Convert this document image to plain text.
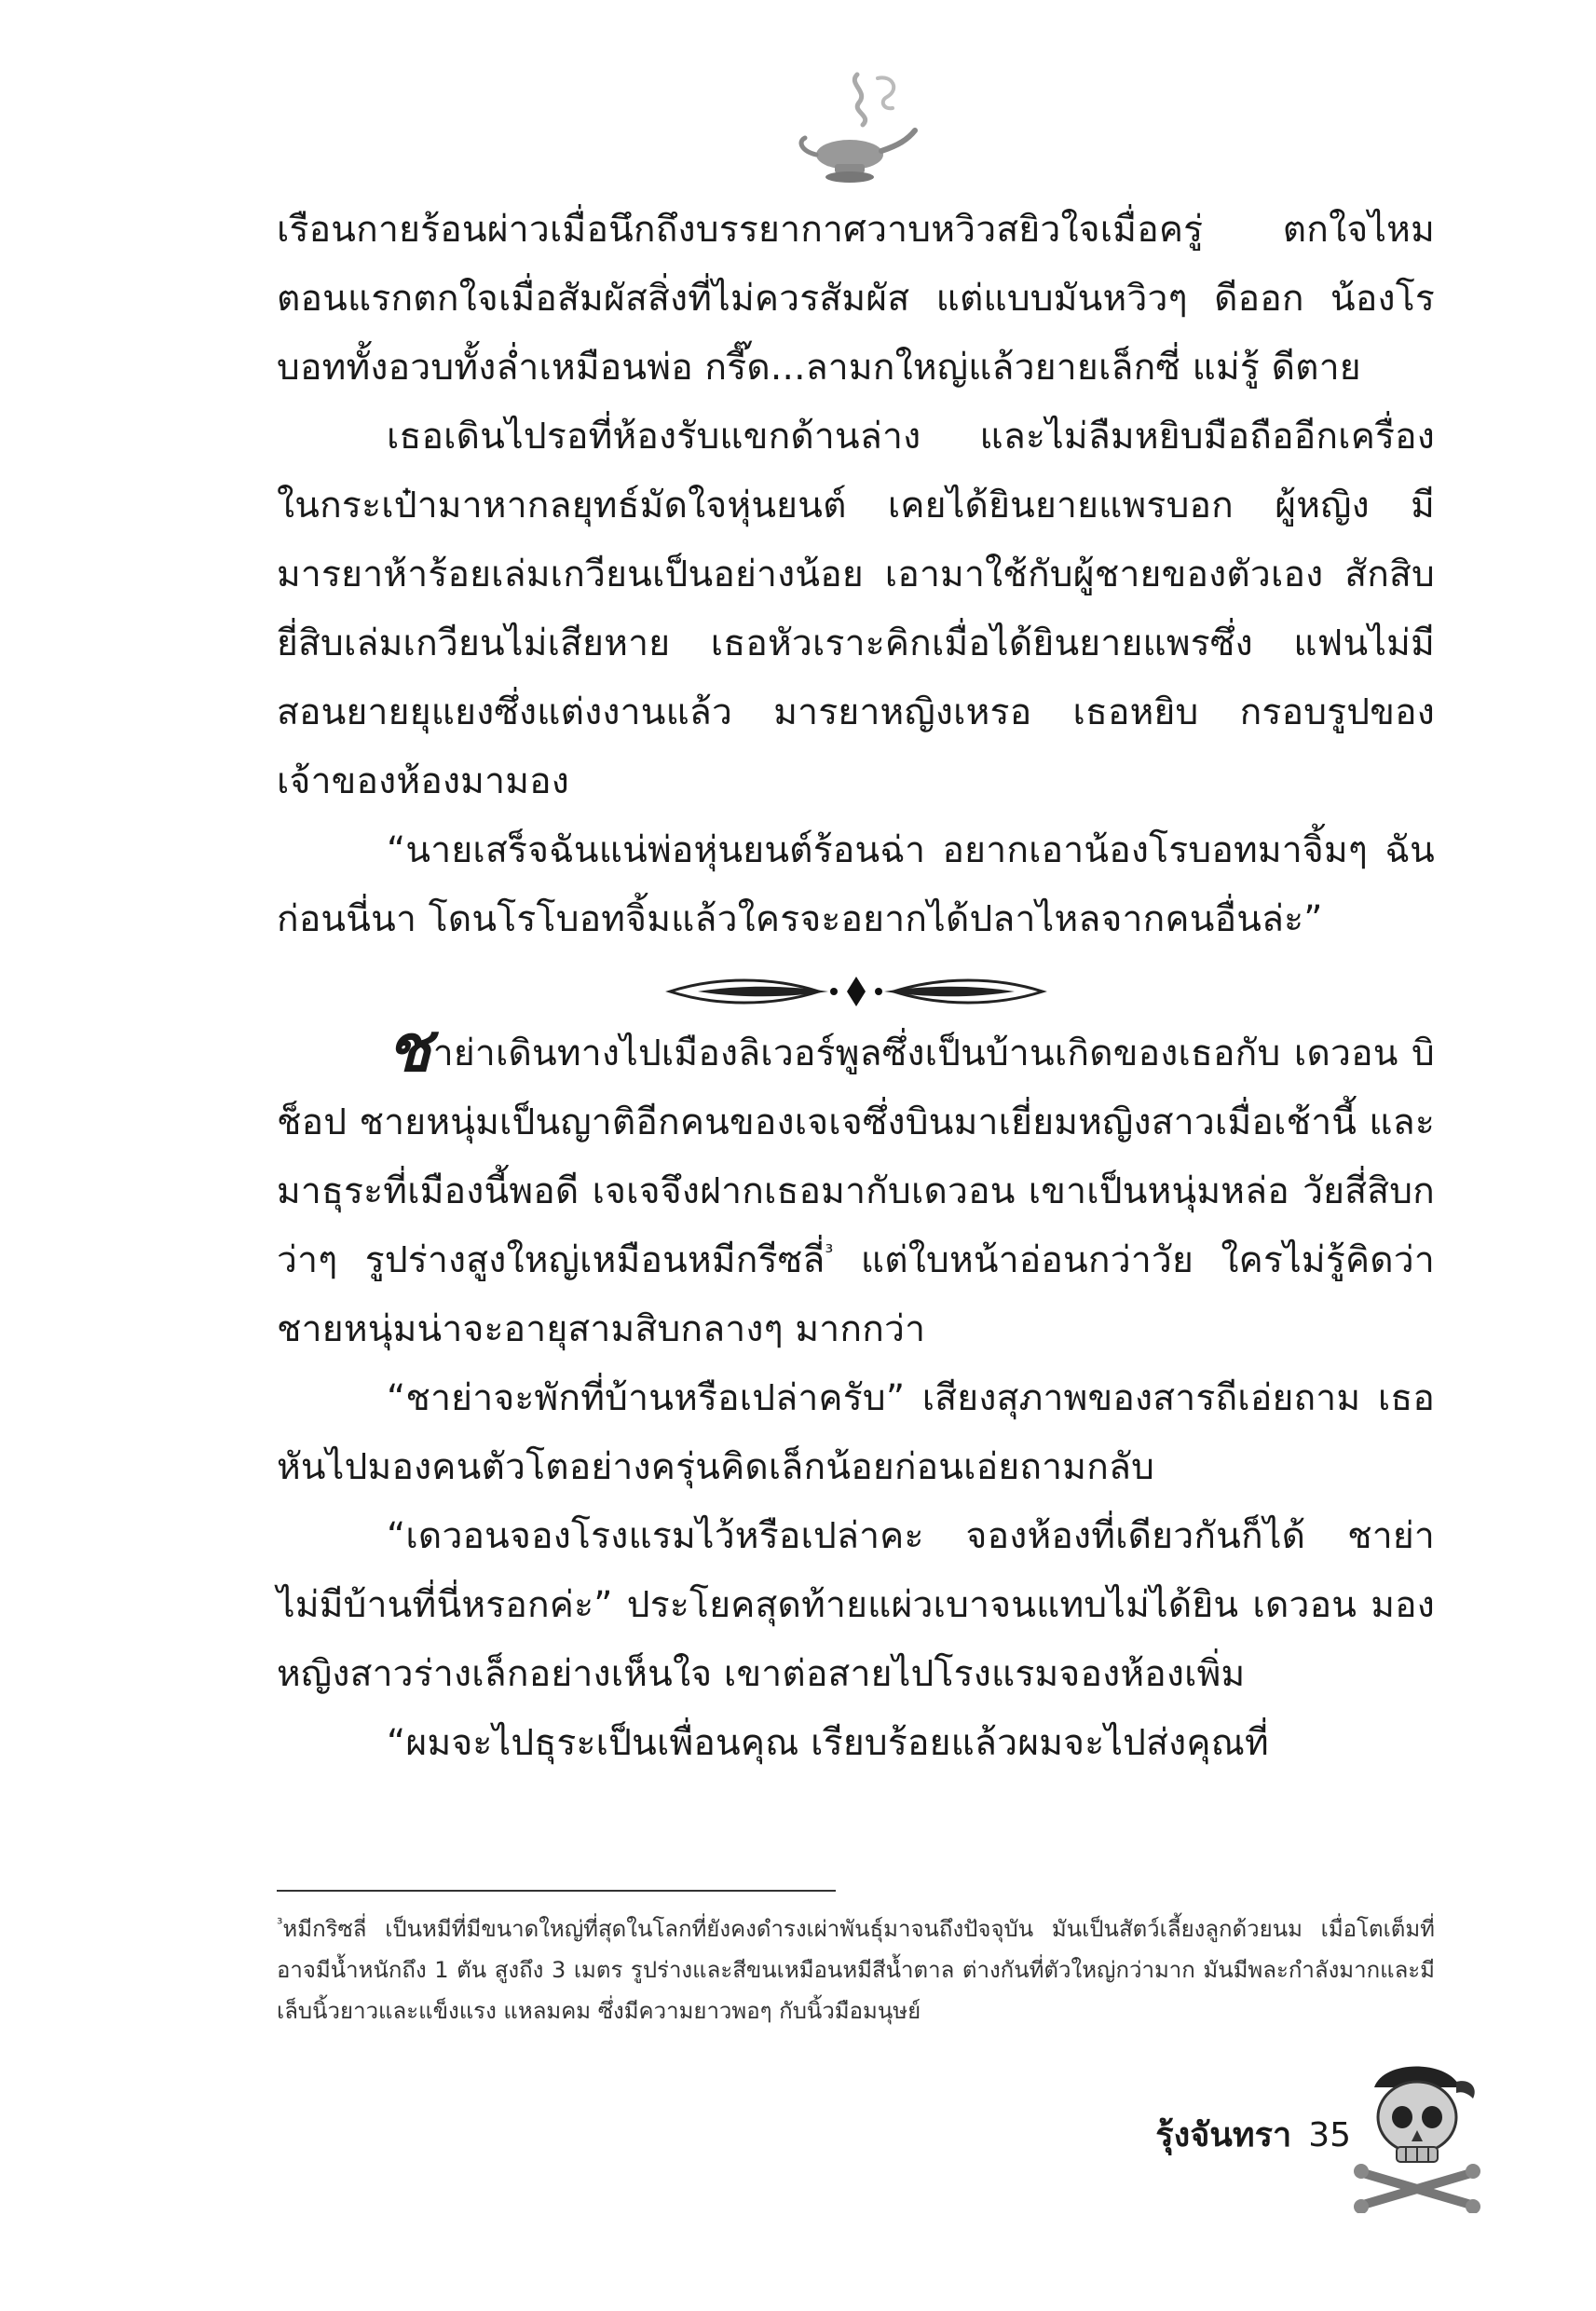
เรือนกายร้อนผ่าวเมื่อนึกถึงบรรยากาศวาบหวิวสยิวใจเมื่อครู่ ตกใจไหม ตอนแรกตกใจเมื่อสัมผัสสิ่งที่ไม่ควรสัมผัส แต่แบบมันหวิวๆ ดีออก น้องโรบอททั้งอวบทั้งล่ำเหมือนพ่อ กรี๊ด...ลามกใหญ่แล้วยายเล็กซี่ แม่รู้ ดีตาย

เธอเดินไปรอที่ห้องรับแขกด้านล่าง และไม่ลืมหยิบมือถืออีกเครื่อง ในกระเป๋ามาหากลยุทธ์มัดใจหุ่นยนต์ เคยได้ยินยายแพรบอก ผู้หญิง มีมารยาห้าร้อยเล่มเกวียนเป็นอย่างน้อย เอามาใช้กับผู้ชายของตัวเอง สักสิบยี่สิบเล่มเกวียนไม่เสียหาย เธอหัวเราะคิกเมื่อได้ยินยายแพรซึ่ง แฟนไม่มีสอนยายยุแยงซึ่งแต่งงานแล้ว มารยาหญิงเหรอ เธอหยิบ กรอบรูปของเจ้าของห้องมามอง

“นายเสร็จฉันแน่พ่อหุ่นยนต์ร้อนฉ่า อยากเอาน้องโรบอทมาจิ้มๆ ฉันก่อนนี่นา โดนโรโบอทจิ้มแล้วใครจะอยากได้ปลาไหลจากคนอื่นล่ะ”

ชาย่าเดินทางไปเมืองลิเวอร์พูลซึ่งเป็นบ้านเกิดของเธอกับ เดวอน บิช็อป ชายหนุ่มเป็นญาติอีกคนของเจเจซึ่งบินมาเยี่ยมหญิงสาวเมื่อเช้านี้ และมาธุระที่เมืองนี้พอดี เจเจจึงฝากเธอมากับเดวอน เขาเป็นหนุ่มหล่อ วัยสี่สิบกว่าๆ รูปร่างสูงใหญ่เหมือนหมีกรีซลี่$^{^3}$ แต่ใบหน้าอ่อนกว่าวัย ใครไม่รู้คิดว่าชายหนุ่มน่าจะอายุสามสิบกลางๆ มากกว่า

“ชาย่าจะพักที่บ้านหรือเปล่าครับ” เสียงสุภาพของสารถีเอ่ยถาม เธอหันไปมองคนตัวโตอย่างครุ่นคิดเล็กน้อยก่อนเอ่ยถามกลับ

“เดวอนจองโรงแรมไว้หรือเปล่าคะ จองห้องที่เดียวกันก็ได้ ชาย่า ไม่มีบ้านที่นี่หรอกค่ะ” ประโยคสุดท้ายแผ่วเบาจนแทบไม่ได้ยิน เดวอน มองหญิงสาวร่างเล็กอย่างเห็นใจ เขาต่อสายไปโรงแรมจองห้องเพิ่ม

“ผมจะไปธุระเป็นเพื่อนคุณ เรียบร้อยแล้วผมจะไปส่งคุณที่

$^{^3}$หมีกริซลี่ เป็นหมีที่มีขนาดใหญ่ที่สุดในโลกที่ยังคงดำรงเผ่าพันธุ์มาจนถึงปัจจุบัน มันเป็นสัตว์เลี้ยงลูกด้วยนม เมื่อโตเต็มที่อาจมีน้ำหนักถึง 1 ตัน สูงถึง 3 เมตร รูปร่างและสีขนเหมือนหมีสีน้ำตาล ต่างกันที่ตัวใหญ่กว่ามาก มันมีพละกำลังมากและมีเล็บนิ้วยาวและแข็งแรง แหลมคม ซึ่งมีความยาวพอๆ กับนิ้วมือมนุษย์
รุ้งจันทรา 35
